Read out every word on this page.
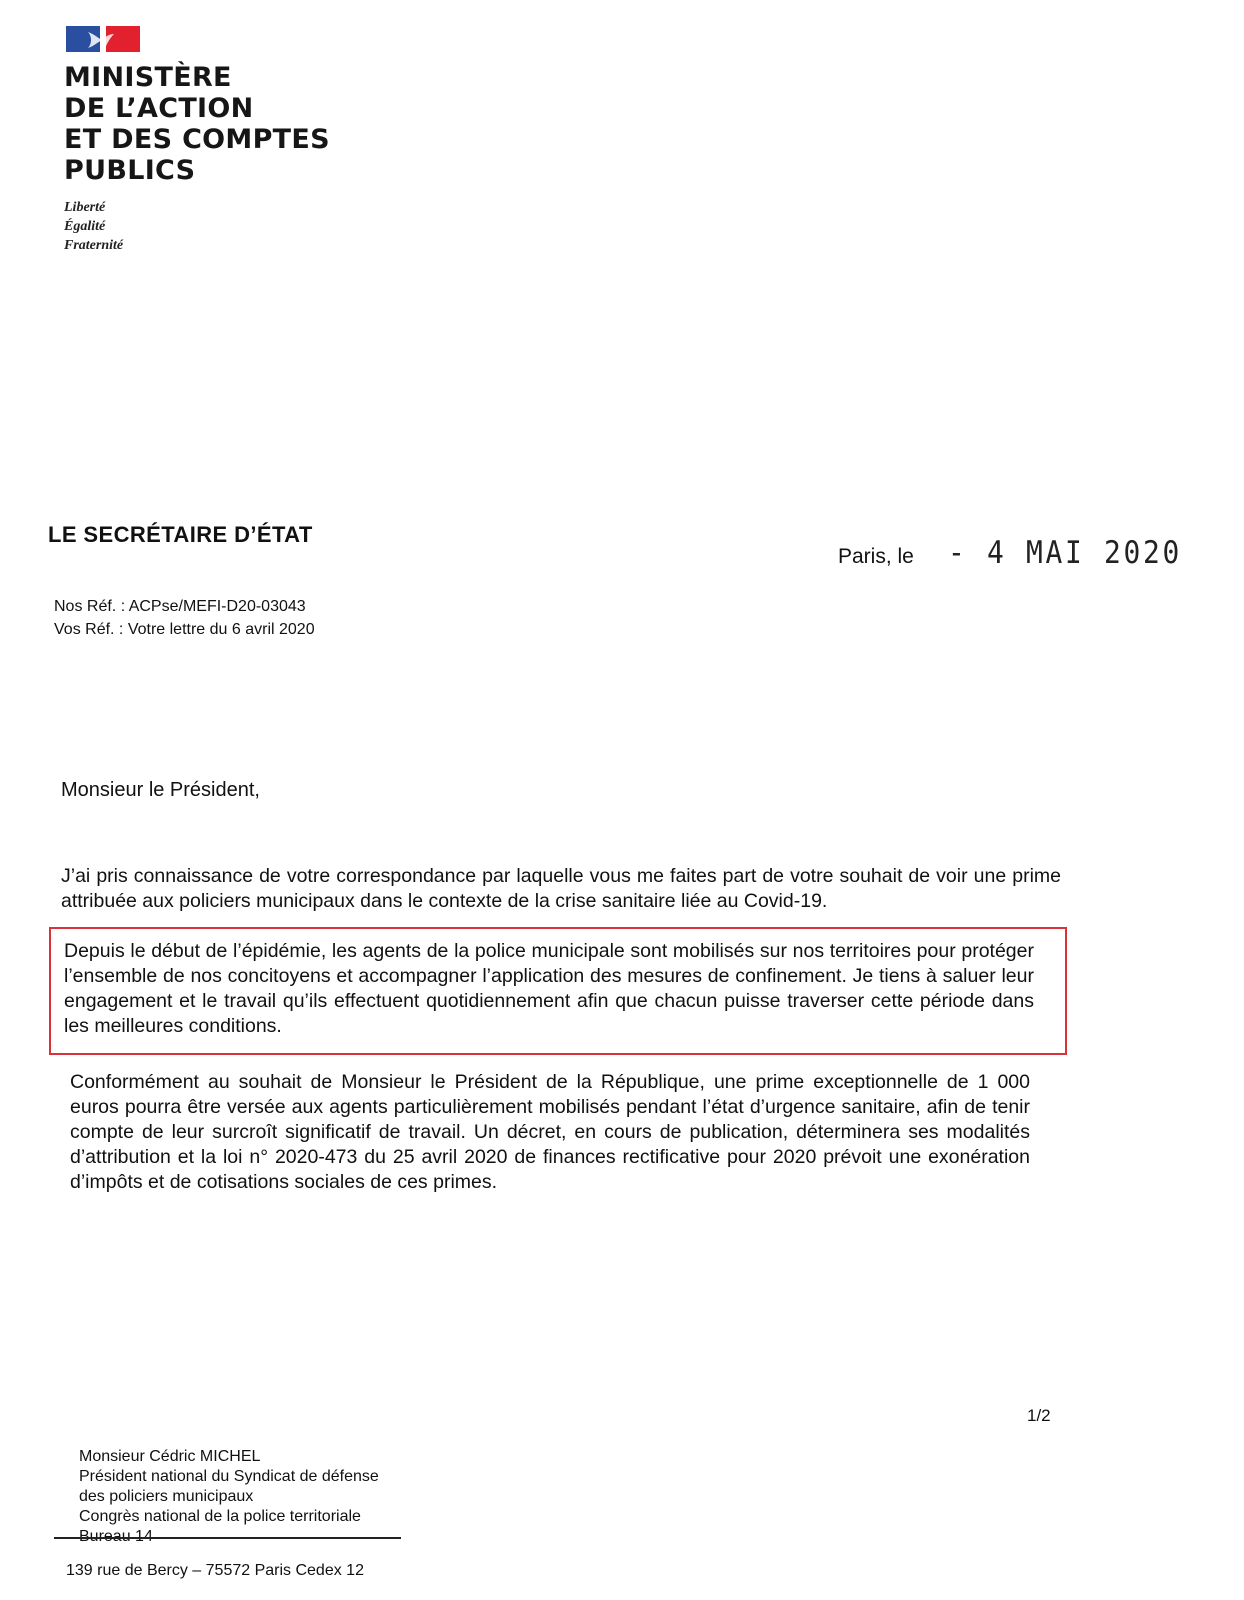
MINISTÈRE
DE L’ACTION
ET DES COMPTES
PUBLICS
Liberté
Égalité
Fraternité
LE SECRÉTAIRE D’ÉTAT
Paris, le - 4 MAI 2020
Nos Réf. : ACPse/MEFI-D20-03043
Vos Réf. : Votre lettre du 6 avril 2020
Monsieur le Président,
J’ai pris connaissance de votre correspondance par laquelle vous me faites part de votre souhait de voir une prime attribuée aux policiers municipaux dans le contexte de la crise sanitaire liée au Covid-19.
Depuis le début de l’épidémie, les agents de la police municipale sont mobilisés sur nos territoires pour protéger l’ensemble de nos concitoyens et accompagner l’application des mesures de confinement. Je tiens à saluer leur engagement et le travail qu’ils effectuent quotidiennement afin que chacun puisse traverser cette période dans les meilleures conditions.
Conformément au souhait de Monsieur le Président de la République, une prime exceptionnelle de 1 000 euros pourra être versée aux agents particulièrement mobilisés pendant l’état d’urgence sanitaire, afin de tenir compte de leur surcroît significatif de travail. Un décret, en cours de publication, déterminera ses modalités d’attribution et la loi n° 2020-473 du 25 avril 2020 de finances rectificative pour 2020 prévoit une exonération d’impôts et de cotisations sociales de ces primes.
1/2
Monsieur Cédric MICHEL
Président national du Syndicat de défense
des policiers municipaux
Congrès national de la police territoriale
139 rue de Bercy – 75572 Paris Cedex 12
